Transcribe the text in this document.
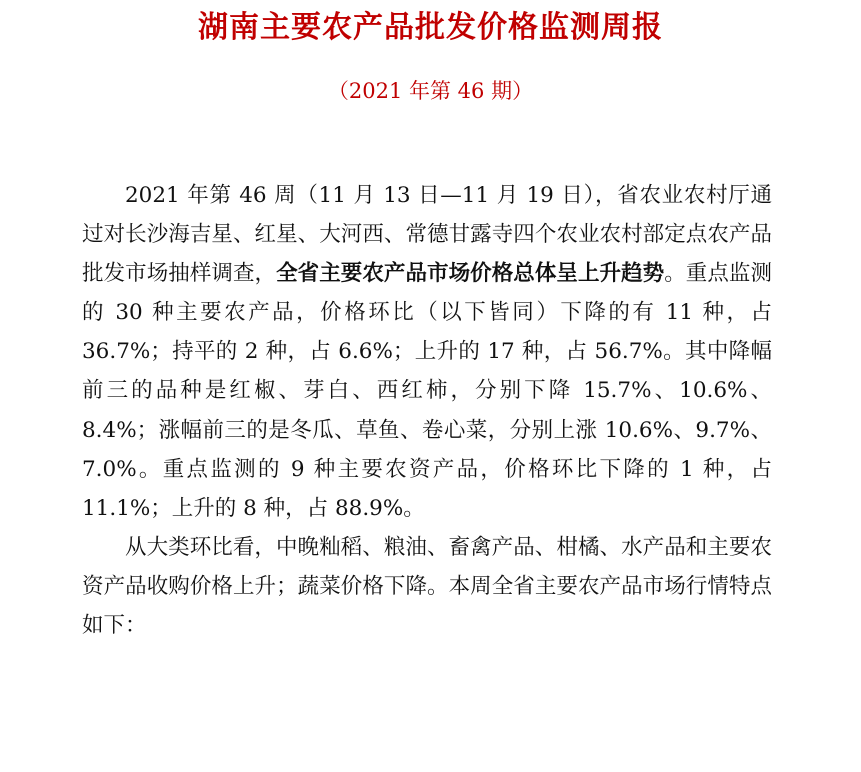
湖南主要农产品批发价格监测周报
（2021 年第 46 期）

2021 年第 46 周（11 月 13 日—11 月 19 日），省农业农村厅通过对长沙海吉星、红星、大河西、常德甘露寺四个农业农村部定点农产品批发市场抽样调查，全省主要农产品市场价格总体呈上升趋势。重点监测的 30 种主要农产品，价格环比（以下皆同）下降的有 11 种，占 36.7%；持平的 2 种，占 6.6%；上升的 17 种，占 56.7%。其中降幅前三的品种是红椒、芽白、西红柿，分别下降 15.7%、10.6%、8.4%；涨幅前三的是冬瓜、草鱼、卷心菜，分别上涨 10.6%、9.7%、7.0%。重点监测的 9 种主要农资产品，价格环比下降的 1 种，占 11.1%；上升的 8 种，占 88.9%。

从大类环比看，中晚籼稻、粮油、畜禽产品、柑橘、水产品和主要农资产品收购价格上升；蔬菜价格下降。本周全省主要农产品市场行情特点如下：
